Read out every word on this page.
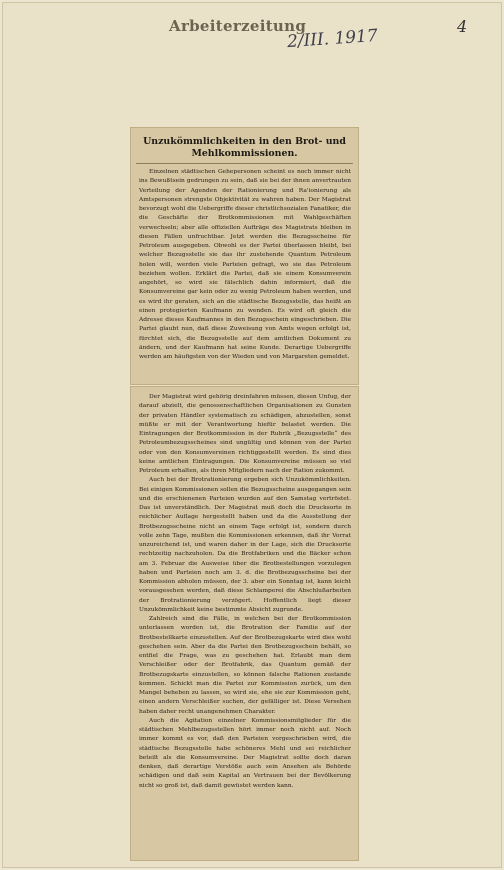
Arbeiterzeitung
2/III. 1917	4
Unzukömmlichkeiten in den Brot- und Mehlkommissionen.

Einzelnen städtischen Gehepersonen scheint es noch immer nicht ins Bewußtsein gedrungen zu sein, daß sie bei der ihnen anvertrauten Verteilung der Agenden der Rationierung und Ra'ionierung als Amtspersonen strengste Objektivität zu wahren haben. Der Magistrat bevorzugt wohl die Uebergriffe dieser christlichsozialen Fanatiker, die die Geschäfte der Brotkommissionen mit Wahlgeschäften verwechseln; aber alle offiziellen Aufträge des Magistrats bleiben in diesen Fällen unfruchtbar. Jetzt werden die Bezugsscheine für Petroleum ausgegeben. Obwohl es der Partei überlassen bleibt, bei welcher Bezugsstelle sie das ihr zustehende Quantum Petroleum holen will, werden viele Parteien gefragt, wo sie das Petroleum beziehen wollen. Erklärt die Partei, daß sie einem Konsumverein angehört, so wird sie fälschlich dahin informiert, daß die Konsumvereine gar kein oder zu wenig Petroleum haben werden, und es wird ihr geraten, sich an die städtische Bezugsstelle, das heißt an einen protegierten Kaufmann zu wenden. Es wird oft gleich die Adresse dieses Kaufmannes in den Bezugsschein eingeschrieben. Die Partei glaubt nun, daß diese Zuweisung von Amts wegen erfolgt ist, fürchtet sich, die Bezugsstelle auf dem amtlichen Dokument zu ändern, und der Kaufmann hat seine Kunde. Derartige Uebergriffe werden am häufigsten von der Wieden und von Margareten gemeldet.

Der Magistrat wird gehörig dreinfahren müssen, diesen Unfug, der darauf abzielt, die genossenschaftlichen Organisationen zu Gunsten der privaten Händler systematisch zu schädigen, abzustellen, sonst müßte er mit der Verantwortung hiefür belastet werden. Die Eintragungen der Brotkommission in der Rubrik „Bezugsstelle“ des Petroleumbezugsscheines sind ungültig und können von der Partei oder von den Konsumvereinen richtiggestellt werden. Es sind dies keine amtlichen Eintragungen. Die Konsumvereine müssen so viel Petroleum erhalten, als ihren Mitgliedern nach der Ration zukommt.

Auch bei der Brotrationierung ergeben sich Unzukömmlichkeiten. Bei einigen Kommissionen sollen die Bezugsscheine ausgegangen sein und die erschienenen Parteien wurden auf den Samstag vertröstet. Das ist unverständlich. Der Magistrat muß doch die Drucksorte in reichlicher Auflage hergestellt haben und da die Ausstellung der Brotbezugsscheine nicht an einem Tage erfolgt ist, sondern durch volle zehn Tage, mußten die Kommissionen erkennen, daß ihr Vorrat unzureichend ist, und waren daher in der Lage, sich die Drucksorte rechtzeitig nachzuholen. Da die Brotfabriken und die Bäcker schon am 3. Februar die Ausweise über die Brotbestellungen vorzulegen haben und Parteien noch am 3. d. die Brotbezugsscheine bei der Kommission abholen müssen, der 3. aber ein Sonntag ist, kann leicht vorausgesehen werden, daß diese Schlamperei die Abschlußarbeiten der Brotrationierung verzögert. Hoffentlich liegt dieser Unzukömmlichkeit keine bestimmte Absicht zugrunde.

Zahlreich sind die Fälle, in welchen bei der Brotkommission unterlassen worden ist, die Brotration der Familie auf der Brotbestellkarte einzustellen. Auf der Brotbezugskarte wird dies wohl geschehen sein. Aber da die Partei den Brotbezugsschein behält, so entfiel die Frage, was zu geschehen hat. Erlaubt man dem Verschleißer oder der Brotfabrik, das Quantum gemäß der Brotbezugskarte einzustellen, so können falsche Rationen zustande kommen. Schickt man die Partei zur Kommission zurück, um den Mangel beheben zu lassen, so wird sie, ehe sie zur Kommission geht, einen andern Verschleißer suchen, der gefälliger ist. Diese Versehen haben daher recht unangenehmen Charakter.

Auch die Agitation einzelner Kommissionsmitglieder für die städtischen Mehlbezugsstellen hört immer noch nicht auf. Noch immer kommt es vor, daß den Parteien vorgeschrieben wird, die städtische Bezugsstelle habe schöneres Mehl und sei reichlicher beteilt als die Konsumvereine. Der Magistrat sollte doch daran denken, daß derartige Verstöße auch sein Ansehen als Behörde schädigen und daß sein Kapital an Vertrauen bei der Bevölkerung nicht so groß ist, daß damit gewüstet werden kann.
